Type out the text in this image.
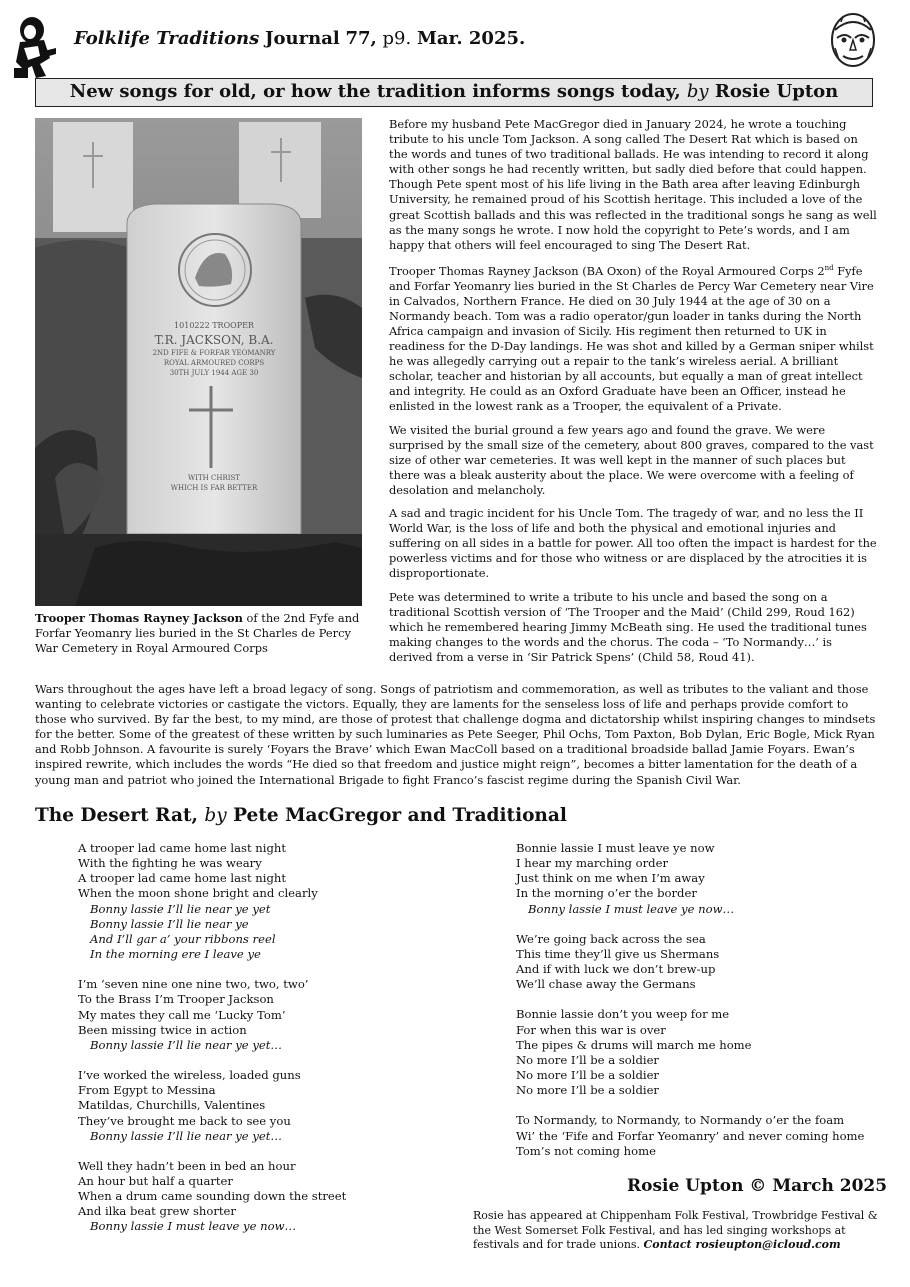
Folklife Traditions Journal 77, p9. Mar. 2025.
New songs for old, or how the tradition informs songs today, by Rosie Upton
1010222 TROOPER
T.R. JACKSON, B.A.
2ND FIFE & FORFAR YEOMANRY
ROYAL ARMOURED CORPS
30TH JULY 1944 AGE 30
WITH CHRIST
WHICH IS FAR BETTER
Trooper Thomas Rayney Jackson of the 2nd Fyfe and Forfar Yeomanry lies buried in the St Charles de Percy War Cemetery in Royal Armoured Corps

Before my husband Pete MacGregor died in January 2024, he wrote a touching tribute to his uncle Tom Jackson. A song called The Desert Rat which is based on the words and tunes of two traditional ballads. He was intending to record it along with other songs he had recently written, but sadly died before that could happen. Though Pete spent most of his life living in the Bath area after leaving Edinburgh University, he remained proud of his Scottish heritage. This included a love of the great Scottish ballads and this was reflected in the traditional songs he sang as well as the many songs he wrote. I now hold the copyright to Pete’s words, and I am happy that others will feel encouraged to sing The Desert Rat.

Trooper Thomas Rayney Jackson (BA Oxon) of the Royal Armoured Corps 2nd Fyfe and Forfar Yeomanry lies buried in the St Charles de Percy War Cemetery near Vire in Calvados, Northern France. He died on 30 July 1944 at the age of 30 on a Normandy beach. Tom was a radio operator/gun loader in tanks during the North Africa campaign and invasion of Sicily. His regiment then returned to UK in readiness for the D-Day landings. He was shot and killed by a German sniper whilst he was allegedly carrying out a repair to the tank’s wireless aerial. A brilliant scholar, teacher and historian by all accounts, but equally a man of great intellect and integrity. He could as an Oxford Graduate have been an Officer, instead he enlisted in the lowest rank as a Trooper, the equivalent of a Private.

We visited the burial ground a few years ago and found the grave. We were surprised by the small size of the cemetery, about 800 graves, compared to the vast size of other war cemeteries. It was well kept in the manner of such places but there was a bleak austerity about the place. We were overcome with a feeling of desolation and melancholy.

A sad and tragic incident for his Uncle Tom. The tragedy of war, and no less the II World War, is the loss of life and both the physical and emotional injuries and suffering on all sides in a battle for power. All too often the impact is hardest for the powerless victims and for those who witness or are displaced by the atrocities it is disproportionate.

Pete was determined to write a tribute to his uncle and based the song on a traditional Scottish version of ‘The Trooper and the Maid’ (Child 299, Roud 162) which he remembered hearing Jimmy McBeath sing. He used the traditional tunes making changes to the words and the chorus. The coda – ‘To Normandy…’ is derived from a verse in ‘Sir Patrick Spens’ (Child 58, Roud 41).

Wars throughout the ages have left a broad legacy of song. Songs of patriotism and commemoration, as well as tributes to the valiant and those wanting to celebrate victories or castigate the victors. Equally, they are laments for the senseless loss of life and perhaps provide comfort to those who survived. By far the best, to my mind, are those of protest that challenge dogma and dictatorship whilst inspiring changes to mindsets for the better. Some of the greatest of these written by such luminaries as Pete Seeger, Phil Ochs, Tom Paxton, Bob Dylan, Eric Bogle, Mick Ryan and Robb Johnson. A favourite is surely ‘Foyars the Brave’ which Ewan MacColl based on a traditional broadside ballad Jamie Foyars. Ewan’s inspired rewrite, which includes the words “He died so that freedom and justice might reign”, becomes a bitter lamentation for the death of a young man and patriot who joined the International Brigade to fight Franco’s fascist regime during the Spanish Civil War.
The Desert Rat, by Pete MacGregor and Traditional
A trooper lad came home last night
With the fighting he was weary
A trooper lad came home last night
When the moon shone bright and clearly
Bonny lassie I’ll lie near ye yet
Bonny lassie I’ll lie near ye
And I’ll gar a’ your ribbons reel
In the morning ere I leave ye
I’m ‘seven nine one nine two, two, two’
To the Brass I’m Trooper Jackson
My mates they call me ‘Lucky Tom’
Been missing twice in action
Bonny lassie I’ll lie near ye yet…
I’ve worked the wireless, loaded guns
From Egypt to Messina
Matildas, Churchills, Valentines
They’ve brought me back to see you
Bonny lassie I’ll lie near ye yet…
Well they hadn’t been in bed an hour
An hour but half a quarter
When a drum came sounding down the street
And ilka beat grew shorter
Bonny lassie I must leave ye now…
Bonnie lassie I must leave ye now
I hear my marching order
Just think on me when I’m away
In the morning o’er the border
Bonny lassie I must leave ye now…
We’re going back across the sea
This time they’ll give us Shermans
And if with luck we don’t brew-up
We’ll chase away the Germans
Bonnie lassie don’t you weep for me
For when this war is over
The pipes & drums will march me home
No more I’ll be a soldier
No more I’ll be a soldier
No more I’ll be a soldier
To Normandy, to Normandy, to Normandy o’er the foam
Wi’ the ‘Fife and Forfar Yeomanry’ and never coming home
Tom’s not coming home
Rosie Upton © March 2025
Rosie has appeared at Chippenham Folk Festival, Trowbridge Festival & the West Somerset Folk Festival, and has led singing workshops at festivals and for trade unions. Contact rosieupton@icloud.com
